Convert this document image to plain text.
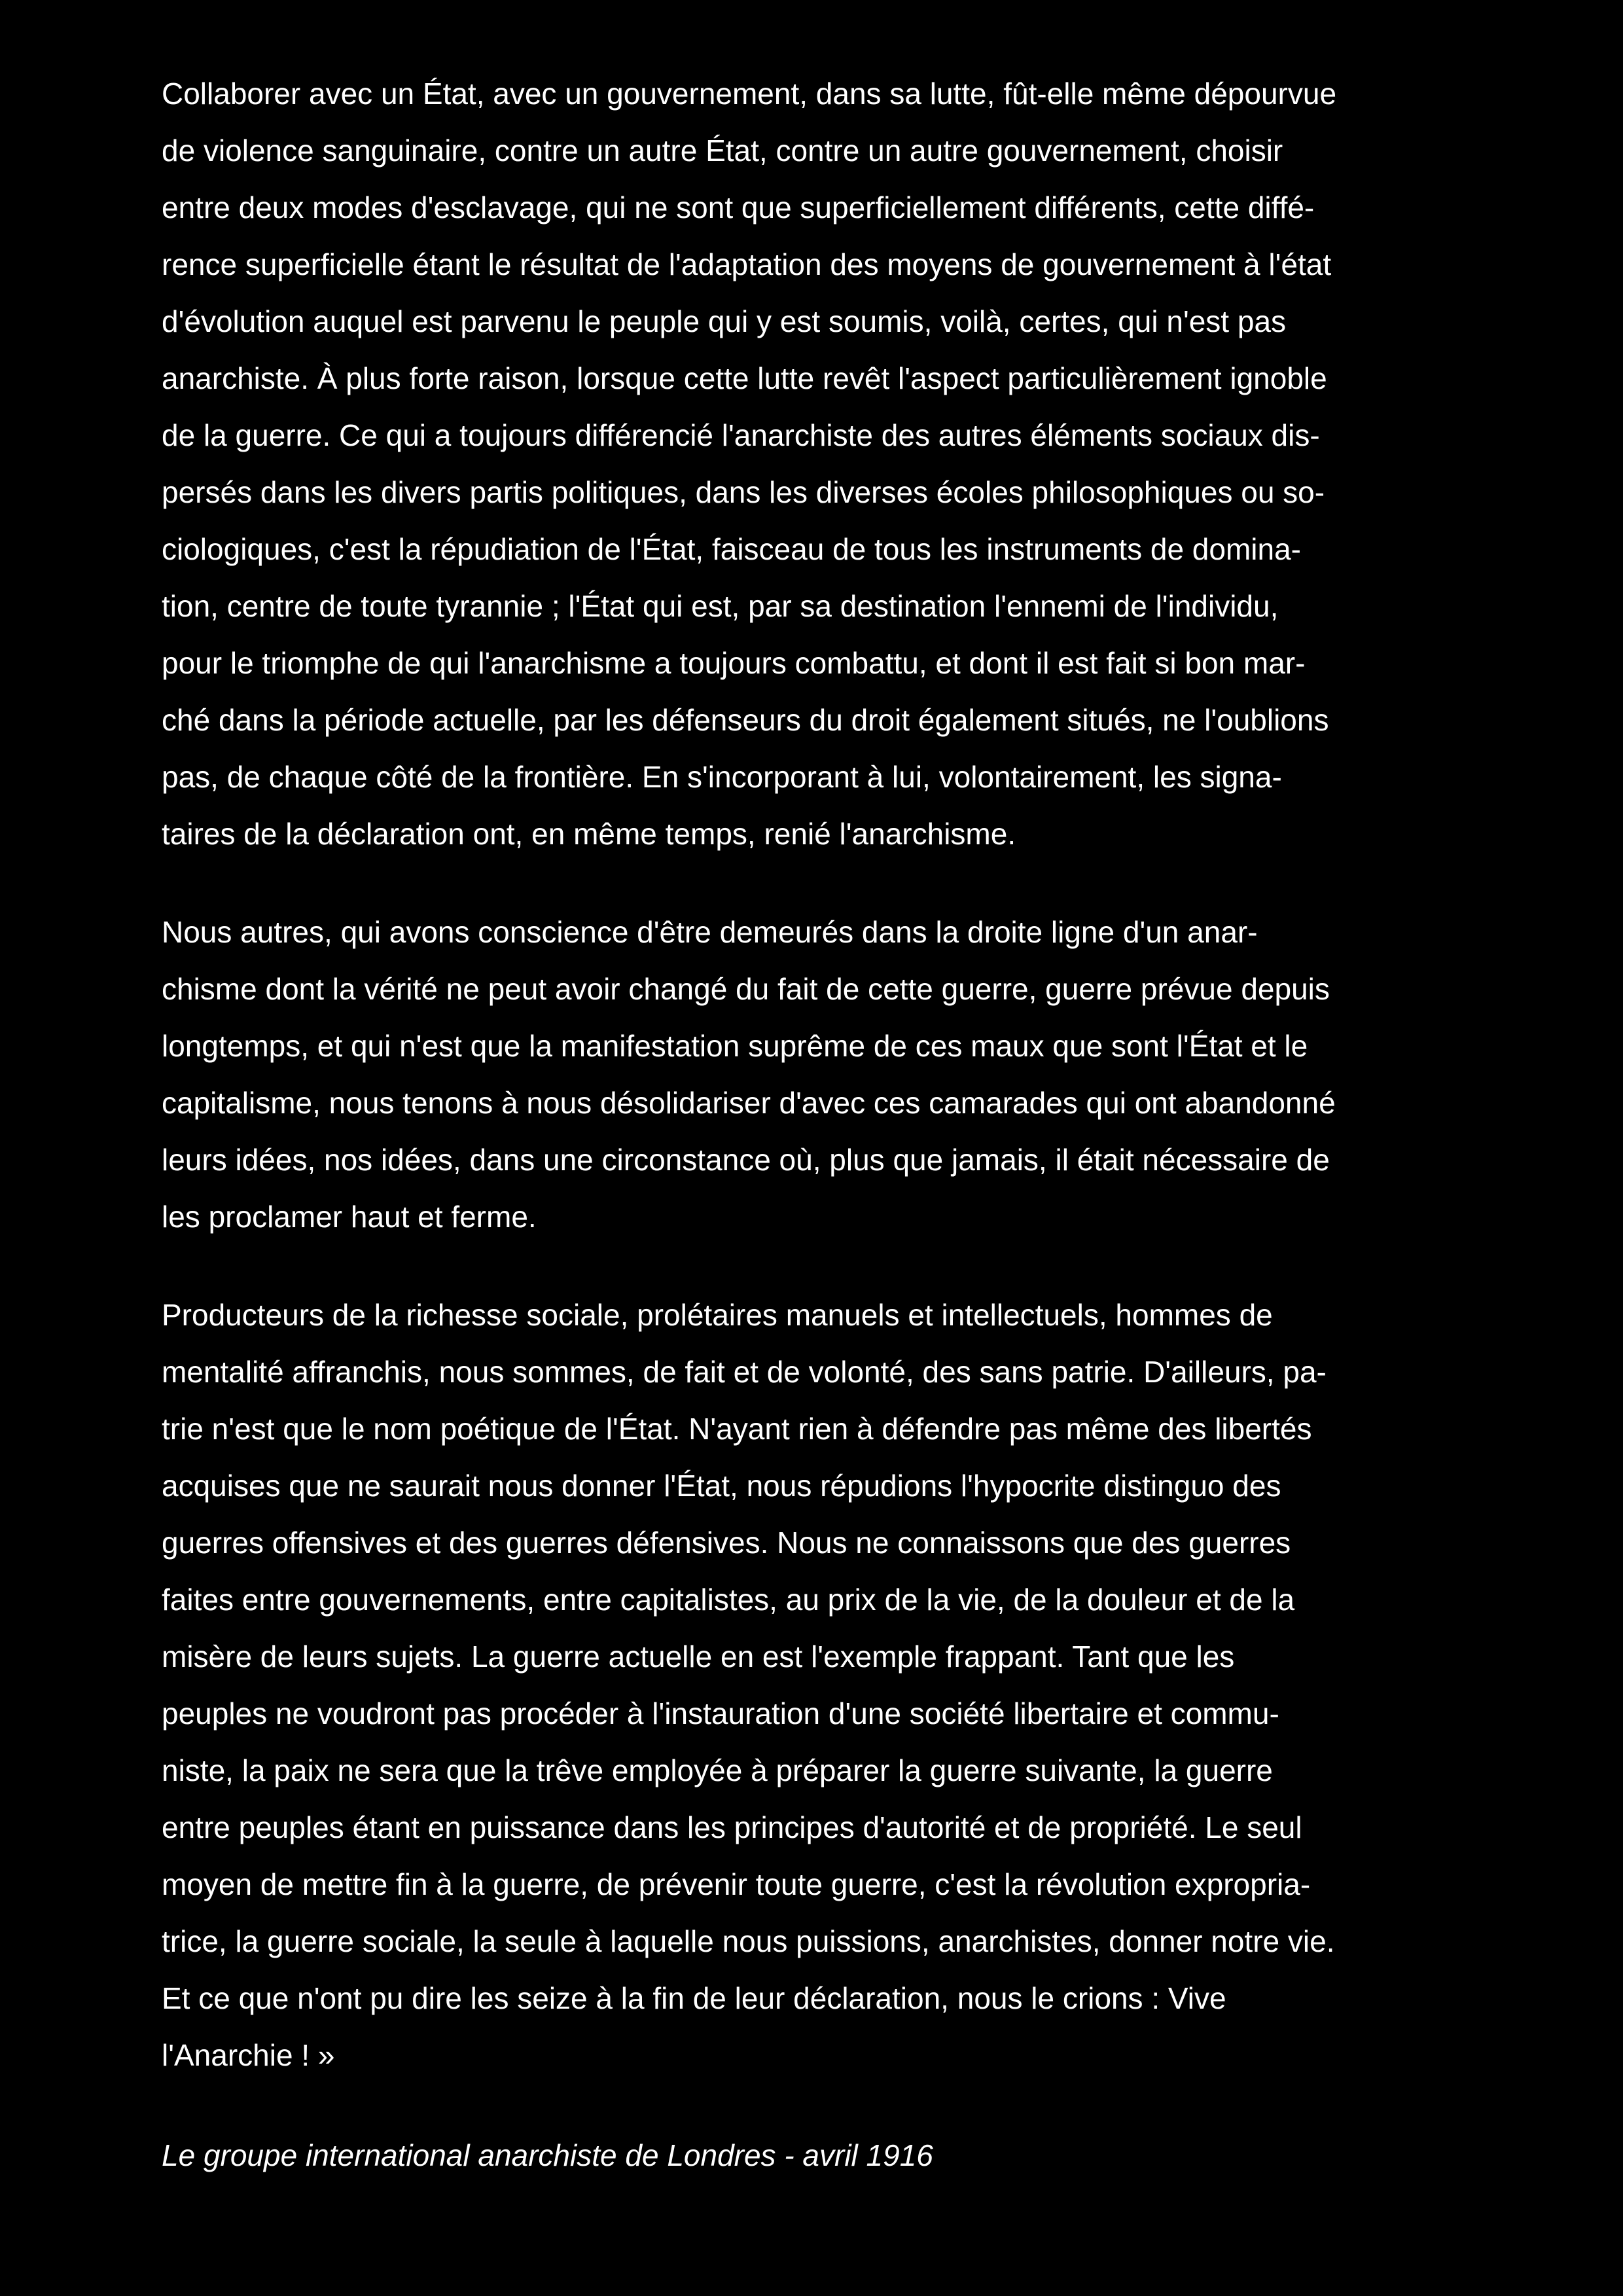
Collaborer avec un État, avec un gouvernement, dans sa lutte, fût-elle même dépourvue
de violence sanguinaire, contre un autre État, contre un autre gouvernement, choisir
entre deux modes d'esclavage, qui ne sont que superficiellement différents, cette diffé-
rence superficielle étant le résultat de l'adaptation des moyens de gouvernement à l'état
d'évolution auquel est parvenu le peuple qui y est soumis, voilà, certes, qui n'est pas
anarchiste. À plus forte raison, lorsque cette lutte revêt l'aspect particulièrement ignoble
de la guerre. Ce qui a toujours différencié l'anarchiste des autres éléments sociaux dis-
persés dans les divers partis politiques, dans les diverses écoles philosophiques ou so-
ciologiques, c'est la répudiation de l'État, faisceau de tous les instruments de domina-
tion, centre de toute tyrannie ; l'État qui est, par sa destination l'ennemi de l'individu,
pour le triomphe de qui l'anarchisme a toujours combattu, et dont il est fait si bon mar-
ché dans la période actuelle, par les défenseurs du droit également situés, ne l'oublions
pas, de chaque côté de la frontière. En s'incorporant à lui, volontairement, les signa-
taires de la déclaration ont, en même temps, renié l'anarchisme.
Nous autres, qui avons conscience d'être demeurés dans la droite ligne d'un anar-
chisme dont la vérité ne peut avoir changé du fait de cette guerre, guerre prévue depuis
longtemps, et qui n'est que la manifestation suprême de ces maux que sont l'État et le
capitalisme, nous tenons à nous désolidariser d'avec ces camarades qui ont abandonné
leurs idées, nos idées, dans une circonstance où, plus que jamais, il était nécessaire de
les proclamer haut et ferme.
Producteurs de la richesse sociale, prolétaires manuels et intellectuels, hommes de
mentalité affranchis, nous sommes, de fait et de volonté, des sans patrie. D'ailleurs, pa-
trie n'est que le nom poétique de l'État. N'ayant rien à défendre pas même des libertés
acquises que ne saurait nous donner l'État, nous répudions l'hypocrite distinguo des
guerres offensives et des guerres défensives. Nous ne connaissons que des guerres
faites entre gouvernements, entre capitalistes, au prix de la vie, de la douleur et de la
misère de leurs sujets. La guerre actuelle en est l'exemple frappant. Tant que les
peuples ne voudront pas procéder à l'instauration d'une société libertaire et commu-
niste, la paix ne sera que la trêve employée à préparer la guerre suivante, la guerre
entre peuples étant en puissance dans les principes d'autorité et de propriété. Le seul
moyen de mettre fin à la guerre, de prévenir toute guerre, c'est la révolution expropria-
trice, la guerre sociale, la seule à laquelle nous puissions, anarchistes, donner notre vie.
Et ce que n'ont pu dire les seize à la fin de leur déclaration, nous le crions : Vive
l'Anarchie ! »
Le groupe international anarchiste de Londres - avril 1916
